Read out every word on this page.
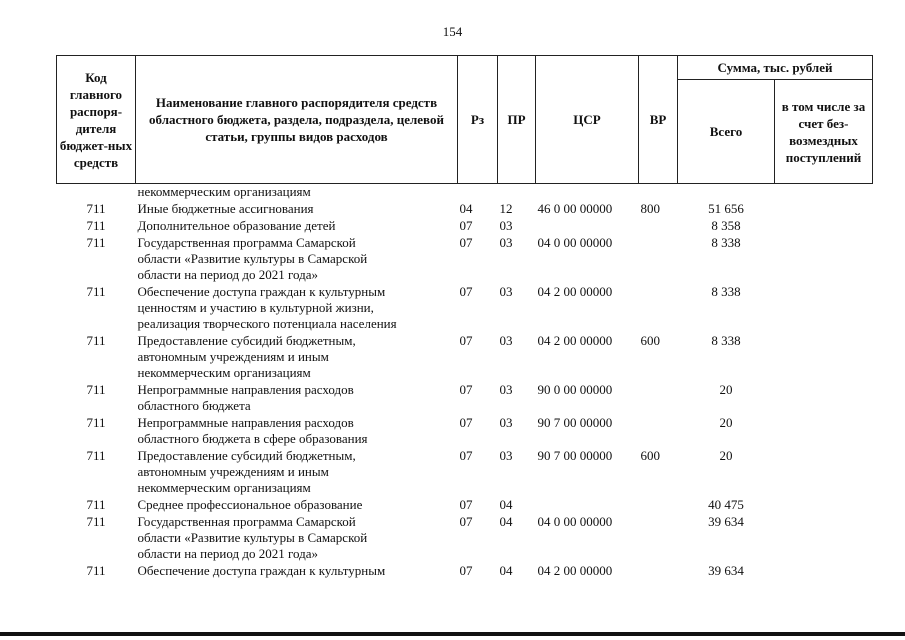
154
Код главного распоря-дителя бюджет-ных средств	Наименование главного распорядителя средств областного бюджета, раздела, подраздела, целевой статьи, группы видов расходов	Рз	ПР	ЦСР	ВР	Сумма, тыс. рублей	
						Всего	в том числе за счет без-возмездных поступлений

	некоммерческим организациям						

711	Иные бюджетные ассигнования	04	12	46 0 00 00000	800	51 656	
711	Дополнительное образование детей	07	03			8 358	
711	Государственная программа Самарской
области «Развитие культуры в Самарской
области на период до 2021 года»	07	03	04 0 00 00000		8 338	
711	Обеспечение доступа граждан к культурным
ценностям и участию в культурной жизни,
реализация творческого потенциала населения	07	03	04 2 00 00000		8 338	
711	Предоставление субсидий бюджетным,
автономным учреждениям и иным
некоммерческим организациям	07	03	04 2 00 00000	600	8 338	
711	Непрограммные направления расходов
областного бюджета	07	03	90 0 00 00000		20	
711	Непрограммные направления расходов
областного бюджета в сфере образования	07	03	90 7 00 00000		20	
711	Предоставление субсидий бюджетным,
автономным учреждениям и иным
некоммерческим организациям	07	03	90 7 00 00000	600	20	
711	Среднее профессиональное образование	07	04			40 475	
711	Государственная программа Самарской
области «Развитие культуры в Самарской
области на период до 2021 года»	07	04	04 0 00 00000		39 634	
711	Обеспечение доступа граждан к культурным	07	04	04 2 00 00000		39 634	
